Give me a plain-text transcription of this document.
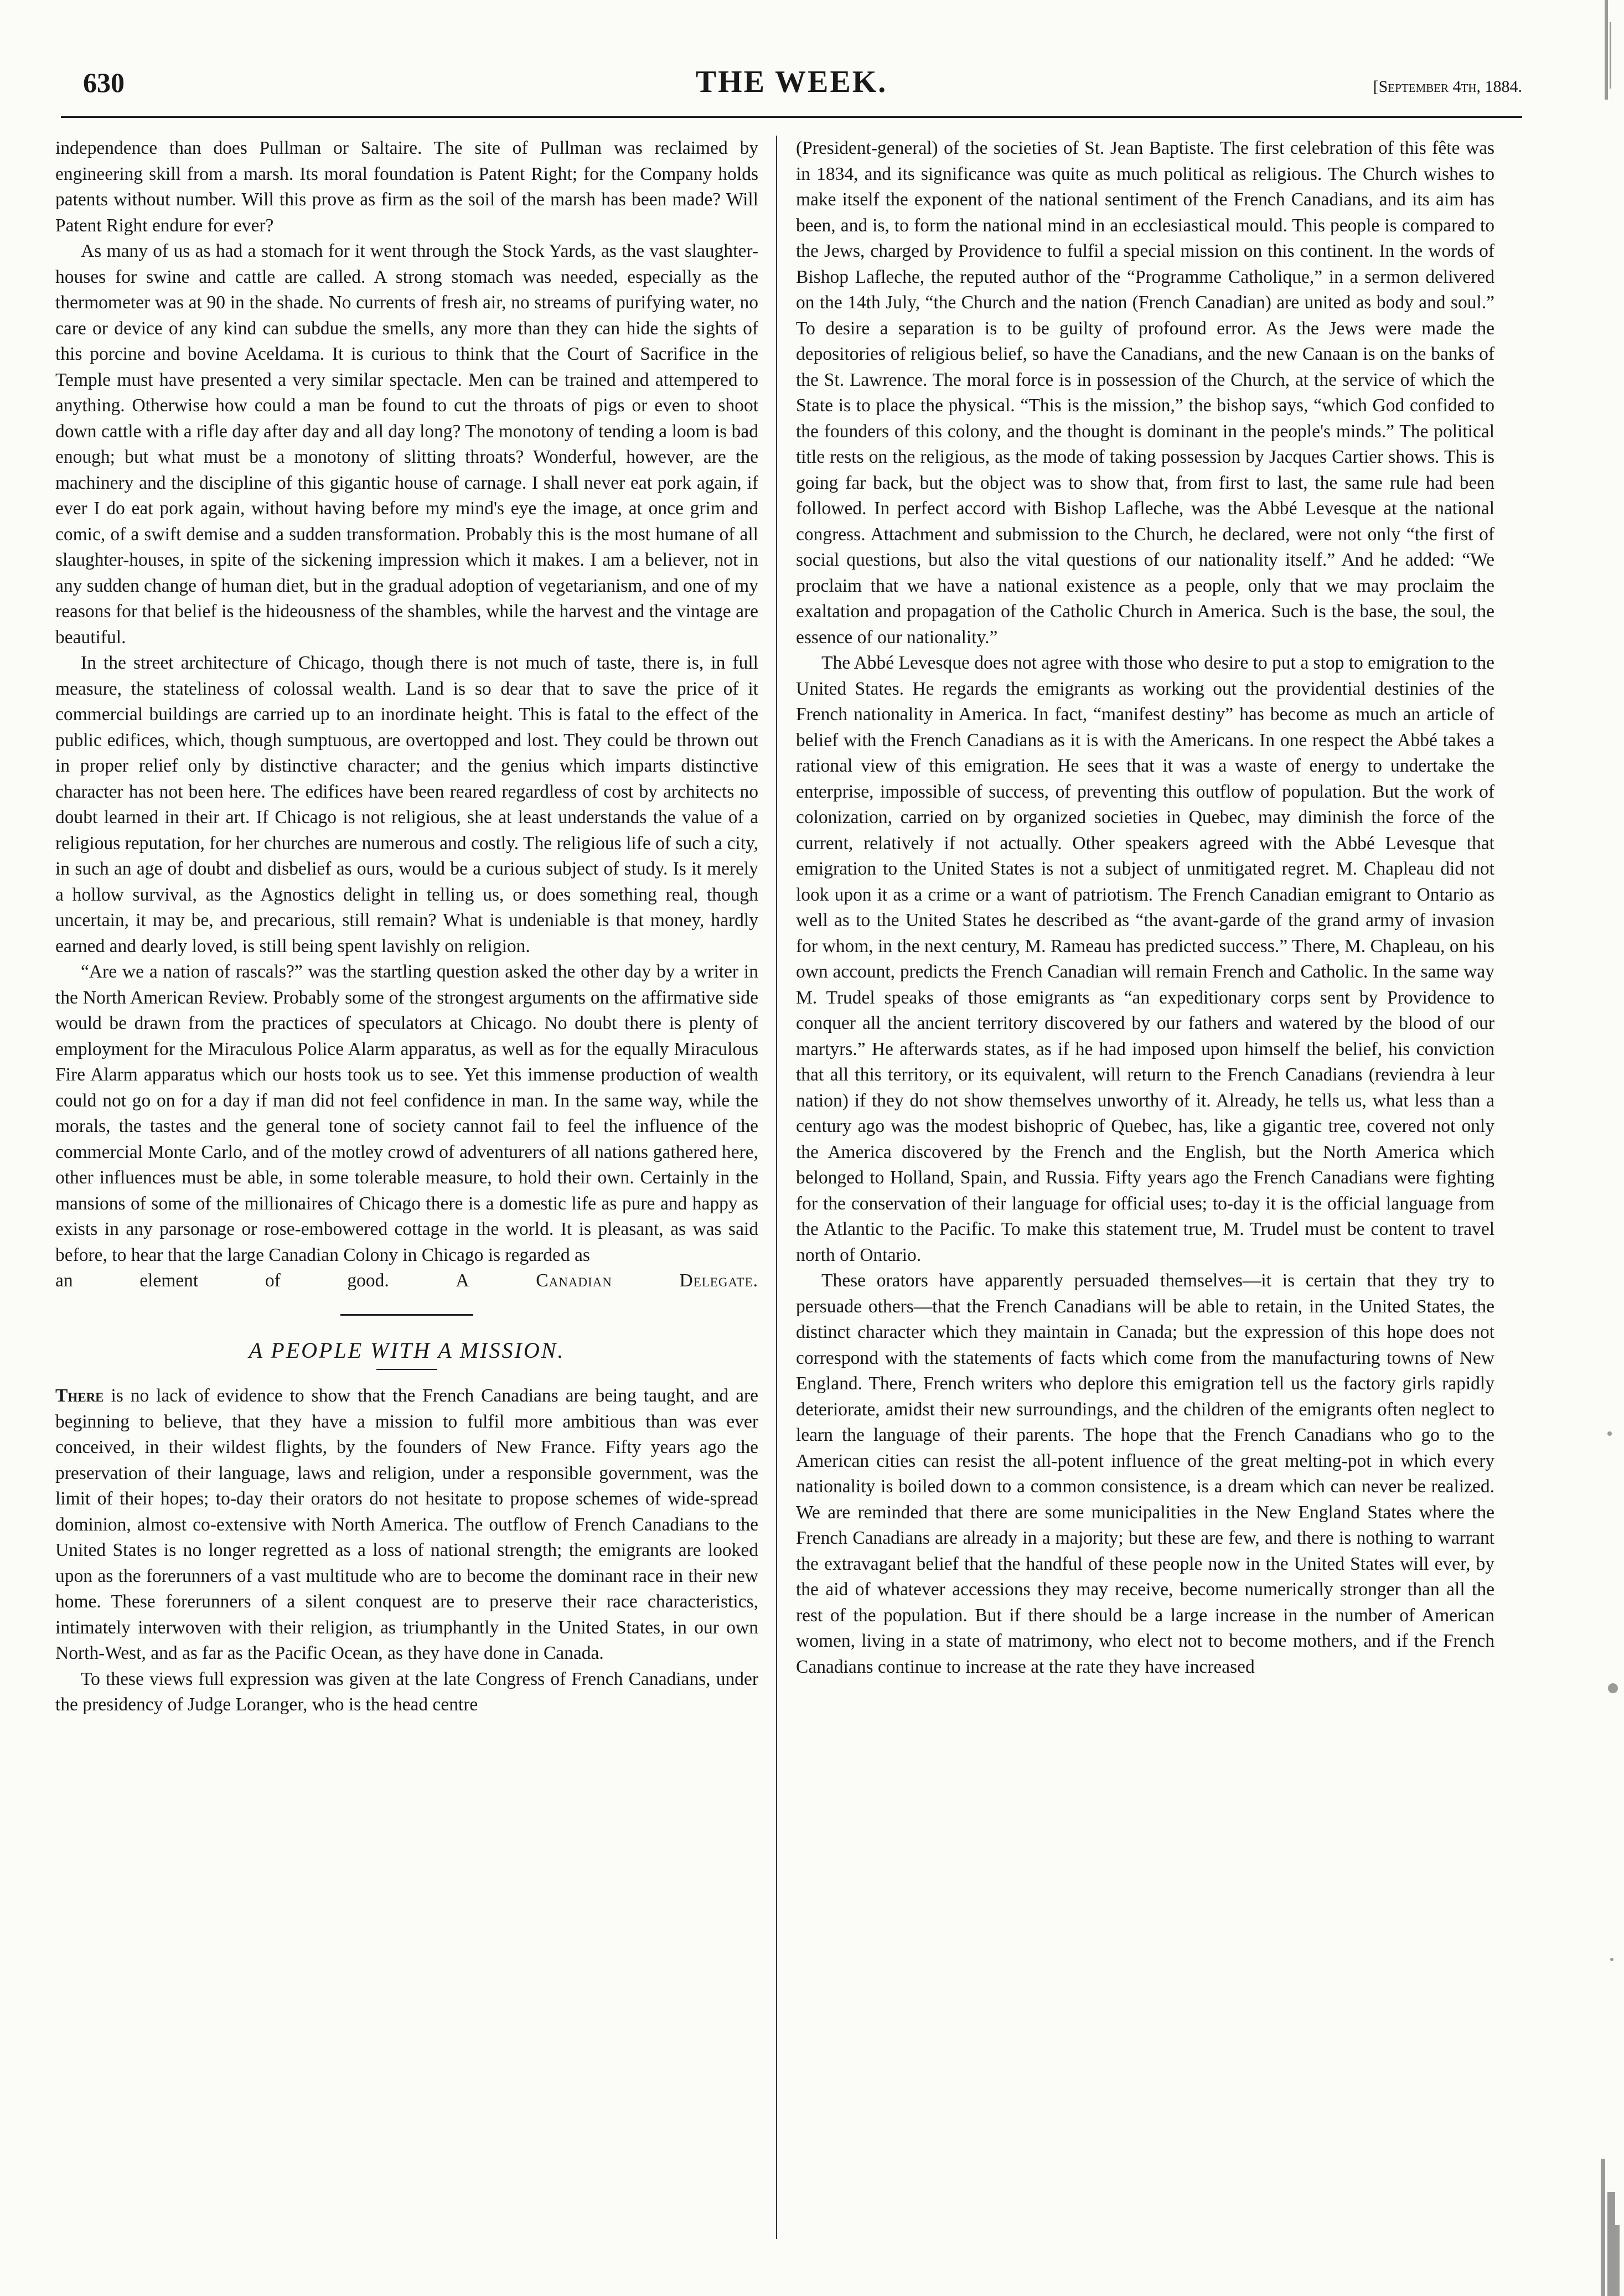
630	THE WEEK.	[September 4th, 1884.

independence than does Pullman or Saltaire. The site of Pullman was reclaimed by engineering skill from a marsh. Its moral foundation is Patent Right; for the Company holds patents without number. Will this prove as firm as the soil of the marsh has been made? Will Patent Right endure for ever?

As many of us as had a stomach for it went through the Stock Yards, as the vast slaughter-houses for swine and cattle are called. A strong stomach was needed, especially as the thermometer was at 90 in the shade. No currents of fresh air, no streams of purifying water, no care or device of any kind can subdue the smells, any more than they can hide the sights of this porcine and bovine Aceldama. It is curious to think that the Court of Sacrifice in the Temple must have presented a very similar spectacle. Men can be trained and attempered to anything. Otherwise how could a man be found to cut the throats of pigs or even to shoot down cattle with a rifle day after day and all day long? The monotony of tending a loom is bad enough; but what must be a monotony of slitting throats? Wonderful, however, are the machinery and the discipline of this gigantic house of carnage. I shall never eat pork again, if ever I do eat pork again, without having before my mind's eye the image, at once grim and comic, of a swift demise and a sudden transformation. Probably this is the most humane of all slaughter-houses, in spite of the sickening impression which it makes. I am a believer, not in any sudden change of human diet, but in the gradual adoption of vegetarianism, and one of my reasons for that belief is the hideousness of the shambles, while the harvest and the vintage are beautiful.

In the street architecture of Chicago, though there is not much of taste, there is, in full measure, the stateliness of colossal wealth. Land is so dear that to save the price of it commercial buildings are carried up to an inordinate height. This is fatal to the effect of the public edifices, which, though sumptuous, are overtopped and lost. They could be thrown out in proper relief only by distinctive character; and the genius which imparts distinctive character has not been here. The edifices have been reared regardless of cost by architects no doubt learned in their art. If Chicago is not religious, she at least understands the value of a religious reputation, for her churches are numerous and costly. The religious life of such a city, in such an age of doubt and disbelief as ours, would be a curious subject of study. Is it merely a hollow survival, as the Agnostics delight in telling us, or does something real, though uncertain, it may be, and precarious, still remain? What is undeniable is that money, hardly earned and dearly loved, is still being spent lavishly on religion.

“Are we a nation of rascals?” was the startling question asked the other day by a writer in the North American Review. Probably some of the strongest arguments on the affirmative side would be drawn from the practices of speculators at Chicago. No doubt there is plenty of employment for the Miraculous Police Alarm apparatus, as well as for the equally Miraculous Fire Alarm apparatus which our hosts took us to see. Yet this immense production of wealth could not go on for a day if man did not feel confidence in man. In the same way, while the morals, the tastes and the general tone of society cannot fail to feel the influence of the commercial Monte Carlo, and of the motley crowd of adventurers of all nations gathered here, other influences must be able, in some tolerable measure, to hold their own. Certainly in the mansions of some of the millionaires of Chicago there is a domestic life as pure and happy as exists in any parsonage or rose-embowered cottage in the world. It is pleasant, as was said before, to hear that the large Canadian Colony in Chicago is regarded as

an element of good.	A Canadian Delegate.
A PEOPLE WITH A MISSION.

There is no lack of evidence to show that the French Canadians are being taught, and are beginning to believe, that they have a mission to fulfil more ambitious than was ever conceived, in their wildest flights, by the founders of New France. Fifty years ago the preservation of their language, laws and religion, under a responsible government, was the limit of their hopes; to-day their orators do not hesitate to propose schemes of wide-spread dominion, almost co-extensive with North America. The outflow of French Canadians to the United States is no longer regretted as a loss of national strength; the emigrants are looked upon as the forerunners of a vast multitude who are to become the dominant race in their new home. These forerunners of a silent conquest are to preserve their race characteristics, intimately interwoven with their religion, as triumphantly in the United States, in our own North-West, and as far as the Pacific Ocean, as they have done in Canada.

To these views full expression was given at the late Congress of French Canadians, under the presidency of Judge Loranger, who is the head centre

(President-general) of the societies of St. Jean Baptiste. The first celebration of this fête was in 1834, and its significance was quite as much political as religious. The Church wishes to make itself the exponent of the national sentiment of the French Canadians, and its aim has been, and is, to form the national mind in an ecclesiastical mould. This people is compared to the Jews, charged by Providence to fulfil a special mission on this continent. In the words of Bishop Lafleche, the reputed author of the “Programme Catholique,” in a sermon delivered on the 14th July, “the Church and the nation (French Canadian) are united as body and soul.” To desire a separation is to be guilty of profound error. As the Jews were made the depositories of religious belief, so have the Canadians, and the new Canaan is on the banks of the St. Lawrence. The moral force is in possession of the Church, at the service of which the State is to place the physical. “This is the mission,” the bishop says, “which God confided to the founders of this colony, and the thought is dominant in the people's minds.” The political title rests on the religious, as the mode of taking possession by Jacques Cartier shows. This is going far back, but the object was to show that, from first to last, the same rule had been followed. In perfect accord with Bishop Lafleche, was the Abbé Levesque at the national congress. Attachment and submission to the Church, he declared, were not only “the first of social questions, but also the vital questions of our nationality itself.” And he added: “We proclaim that we have a national existence as a people, only that we may proclaim the exaltation and propagation of the Catholic Church in America. Such is the base, the soul, the essence of our nationality.”

The Abbé Levesque does not agree with those who desire to put a stop to emigration to the United States. He regards the emigrants as working out the providential destinies of the French nationality in America. In fact, “manifest destiny” has become as much an article of belief with the French Canadians as it is with the Americans. In one respect the Abbé takes a rational view of this emigration. He sees that it was a waste of energy to undertake the enterprise, impossible of success, of preventing this outflow of population. But the work of colonization, carried on by organized societies in Quebec, may diminish the force of the current, relatively if not actually. Other speakers agreed with the Abbé Levesque that emigration to the United States is not a subject of unmitigated regret. M. Chapleau did not look upon it as a crime or a want of patriotism. The French Canadian emigrant to Ontario as well as to the United States he described as “the avant-garde of the grand army of invasion for whom, in the next century, M. Rameau has predicted success.” There, M. Chapleau, on his own account, predicts the French Canadian will remain French and Catholic. In the same way M. Trudel speaks of those emigrants as “an expeditionary corps sent by Providence to conquer all the ancient territory discovered by our fathers and watered by the blood of our martyrs.” He afterwards states, as if he had imposed upon himself the belief, his conviction that all this territory, or its equivalent, will return to the French Canadians (reviendra à leur nation) if they do not show themselves unworthy of it. Already, he tells us, what less than a century ago was the modest bishopric of Quebec, has, like a gigantic tree, covered not only the America discovered by the French and the English, but the North America which belonged to Holland, Spain, and Russia. Fifty years ago the French Canadians were fighting for the conservation of their language for official uses; to-day it is the official language from the Atlantic to the Pacific. To make this statement true, M. Trudel must be content to travel north of Ontario.

These orators have apparently persuaded themselves—it is certain that they try to persuade others—that the French Canadians will be able to retain, in the United States, the distinct character which they maintain in Canada; but the expression of this hope does not correspond with the statements of facts which come from the manufacturing towns of New England. There, French writers who deplore this emigration tell us the factory girls rapidly deteriorate, amidst their new surroundings, and the children of the emigrants often neglect to learn the language of their parents. The hope that the French Canadians who go to the American cities can resist the all-potent influence of the great melting-pot in which every nationality is boiled down to a common consistence, is a dream which can never be realized. We are reminded that there are some municipalities in the New England States where the French Canadians are already in a majority; but these are few, and there is nothing to warrant the extravagant belief that the handful of these people now in the United States will ever, by the aid of whatever accessions they may receive, become numerically stronger than all the rest of the population. But if there should be a large increase in the number of American women, living in a state of matrimony, who elect not to become mothers, and if the French Canadians continue to increase at the rate they have increased
